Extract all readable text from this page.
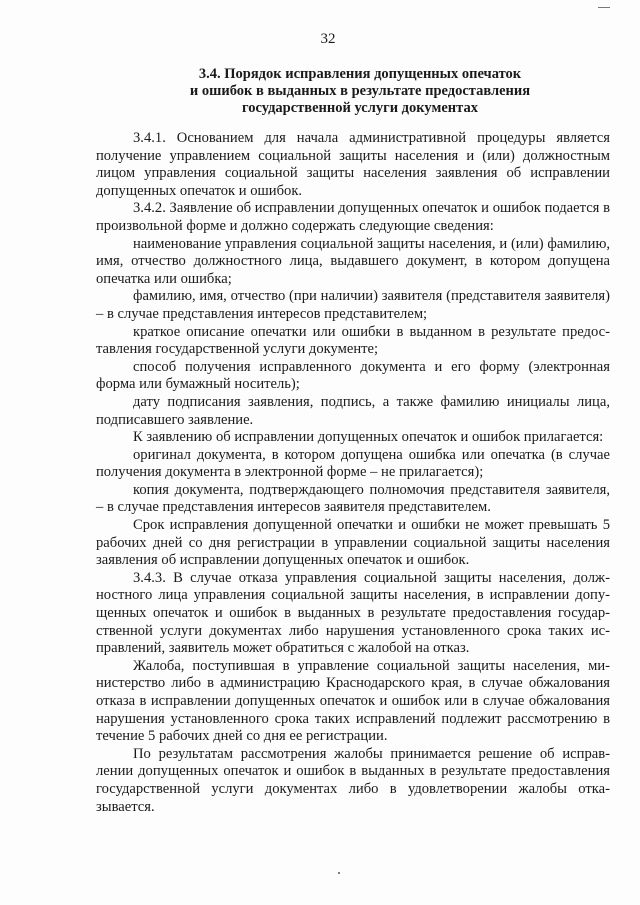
32
3.4. Порядок исправления допущенных опечаток
и ошибок в выданных в результате предоставления
государственной услуги документах

3.4.1. Основанием для начала административной процедуры является получение управлением социальной защиты населения и (или) должностным лицом управления социальной защиты населения заявления об исправлении допущенных опечаток и ошибок.

3.4.2. Заявление об исправлении допущенных опечаток и ошибок подается в произвольной форме и должно содержать следующие сведения:

наименование управления социальной защиты населения, и (или) фамилию, имя, отчество должностного лица, выдавшего документ, в котором допущена опечатка или ошибка;

фамилию, имя, отчество (при наличии) заявителя (представителя заявителя) – в случае представления интересов представителем;

краткое описание опечатки или ошибки в выданном в результате предоставления государственной услуги документе;

способ получения исправленного документа и его форму (электронная форма или бумажный носитель);

дату подписания заявления, подпись, а также фамилию инициалы лица, подписавшего заявление.

К заявлению об исправлении допущенных опечаток и ошибок прилагается:

оригинал документа, в котором допущена ошибка или опечатка (в случае получения документа в электронной форме – не прилагается);

копия документа, подтверждающего полномочия представителя заявителя, – в случае представления интересов заявителя представителем.

Срок исправления допущенной опечатки и ошибки не может превышать 5 рабочих дней со дня регистрации в управлении социальной защиты населения заявления об исправлении допущенных опечаток и ошибок.

3.4.3. В случае отказа управления социальной защиты населения, должностного лица управления социальной защиты населения, в исправлении допущенных опечаток и ошибок в выданных в результате предоставления государственной услуги документах либо нарушения установленного срока таких исправлений, заявитель может обратиться с жалобой на отказ.

Жалоба, поступившая в управление социальной защиты населения, министерство либо в администрацию Краснодарского края, в случае обжалования отказа в исправлении допущенных опечаток и ошибок или в случае обжалования нарушения установленного срока таких исправлений подлежит рассмотрению в течение 5 рабочих дней со дня ее регистрации.

По результатам рассмотрения жалобы принимается решение об исправлении допущенных опечаток и ошибок в выданных в результате предоставления государственной услуги документах либо в удовлетворении жалобы отказывается.
